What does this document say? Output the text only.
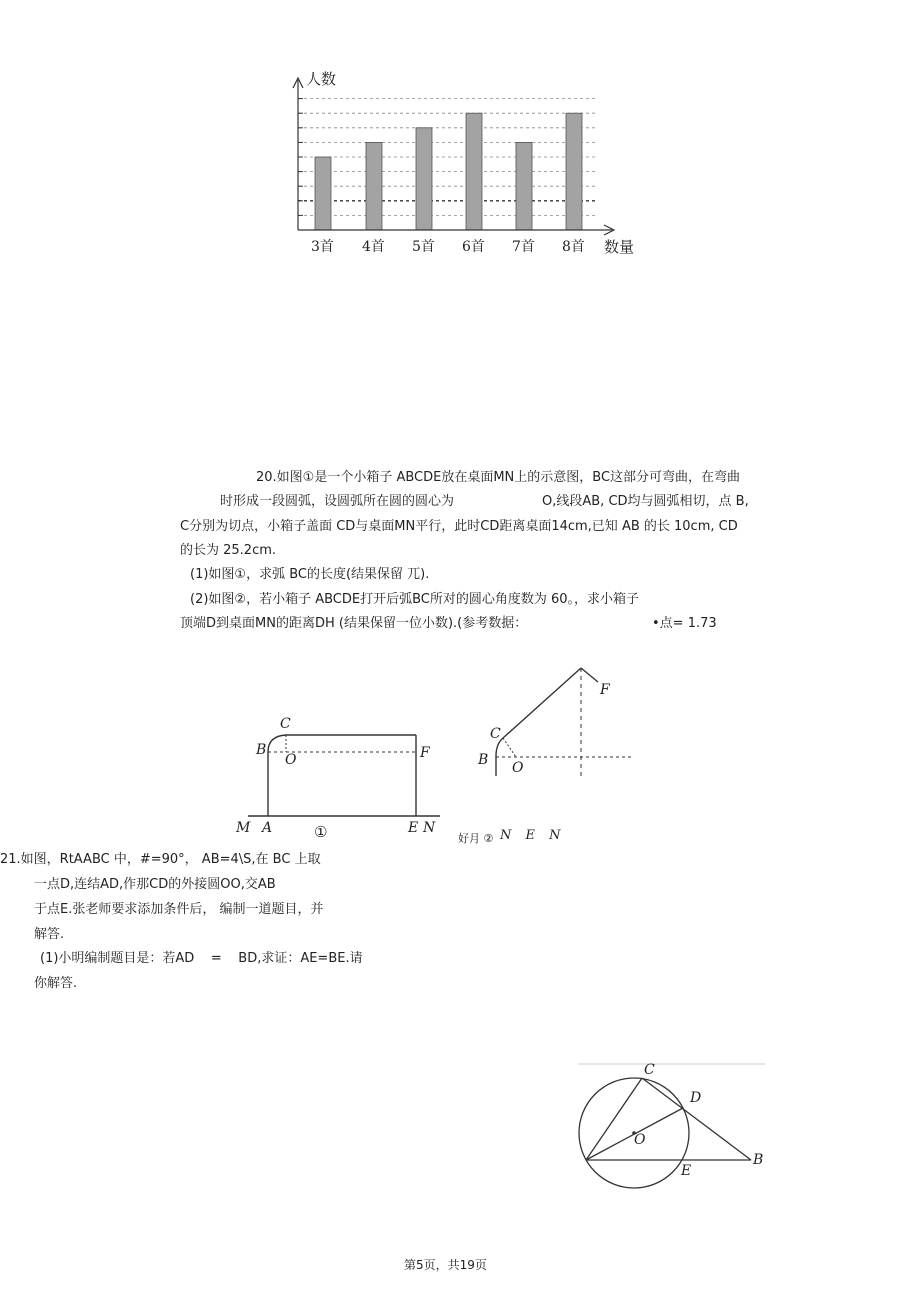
人数
数量
3首 4首 5首 6首 7首 8首
20.如图①是一个小箱子 ABCDE放在桌面MN上的示意图，BC这部分可弯曲，在弯曲
时形成一段圆弧，设圆弧所在圆的圆心为	O,线段AB, CD均与圆弧相切，点 B,
C分别为切点，小箱子盖面 CD与桌面MN平行，此时CD距离桌面14cm,已知 AB 的长 10cm, CD
的长为 25.2cm.
(1)如图①，求弧 BC的长度(结果保留 兀).
(2)如图②，若小箱子 ABCDE打开后弧BC所对的圆心角度数为 60。，求小箱子
顶端D到桌面MN的距离DH (结果保留一位小数).(参考数据：	•点= 1.73
C
B
O	F
M A	①	E N
C
B O
F
好月 ② N E N
21.如图，RtAABC 中，#=90°， AB=4\S,在 BC 上取
一点D,连结AD,作那CD的外接圆OO,交AB
于点E.张老师要求添加条件后， 编制一道题目，并
解答.
(1)小明编制题目是：若AD    =    BD,求证：AE=BE.请
你解答.
C
D
O
E
B
第5页，共19页
